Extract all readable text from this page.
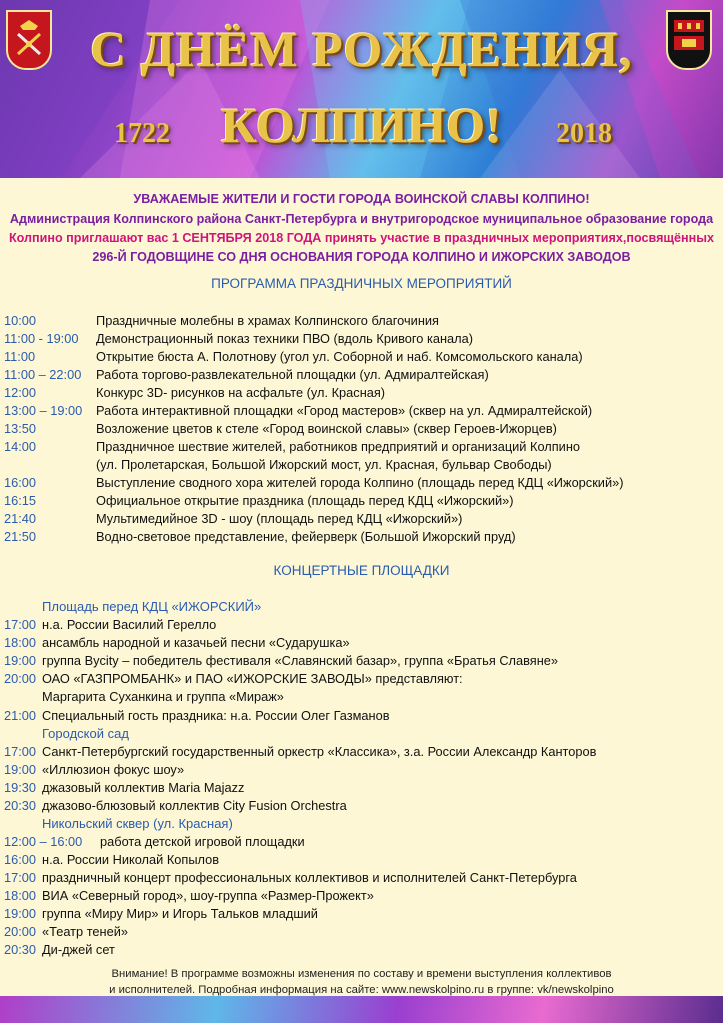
С ДНЁМ РОЖДЕНИЯ,
КОЛПИНО!
1722	2018
УВАЖАЕМЫЕ ЖИТЕЛИ И ГОСТИ ГОРОДА ВОИНСКОЙ СЛАВЫ КОЛПИНО!
Администрация Колпинского района Санкт-Петербурга и внутригородское муниципальное образование города
Колпино приглашают вас 1 СЕНТЯБРЯ 2018 ГОДА принять участие в праздничных мероприятиях,посвящённых
296-Й ГОДОВЩИНЕ СО ДНЯ ОСНОВАНИЯ ГОРОДА КОЛПИНО И ИЖОРСКИХ ЗАВОДОВ
ПРОГРАММА ПРАЗДНИЧНЫХ МЕРОПРИЯТИЙ
10:00	Праздничные молебны в храмах Колпинского благочиния
11:00 - 19:00 Демонстрационный показ техники ПВО (вдоль Кривого канала)
11:00	Открытие бюста А. Полотнову (угол ул. Соборной и наб. Комсомольского канала)
11:00 – 22:00 Работа торгово-развлекательной площадки (ул. Адмиралтейская)
12:00	Конкурс 3D- рисунков на асфальте (ул. Красная)
13:00 – 19:00 Работа интерактивной площадки «Город мастеров» (сквер на ул. Адмиралтейской)
13:50	Возложение цветов к стеле «Город воинской славы» (сквер Героев-Ижорцев)
14:00	Праздничное шествие жителей, работников предприятий и организаций Колпино
(ул. Пролетарская, Большой Ижорский мост, ул. Красная, бульвар Свободы)
16:00	Выступление сводного хора жителей города Колпино (площадь перед КДЦ «Ижорский»)
16:15	Официальное открытие праздника (площадь перед КДЦ «Ижорский»)
21:40	Мультимедийное 3D - шоу (площадь перед КДЦ «Ижорский»)
21:50	Водно-световое представление, фейерверк (Большой Ижорский пруд)
КОНЦЕРТНЫЕ ПЛОЩАДКИ
Площадь перед КДЦ «ИЖОРСКИЙ»
17:00 н.а. России Василий Герелло
18:00 ансамбль народной и казачьей песни «Сударушка»
19:00 группа Bycity – победитель фестиваля «Славянский базар», группа «Братья Славяне»
20:00 ОАО «ГАЗПРОМБАНК» и ПАО «ИЖОРСКИЕ ЗАВОДЫ» представляют:
Маргарита Суханкина и группа «Мираж»
21:00 Специальный гость праздника: н.а. России Олег Газманов
Городской сад
17:00 Санкт-Петербургский государственный оркестр «Классика», з.а. России Александр Канторов
19:00 «Иллюзион фокус шоу»
19:30 джазовый коллектив Maria Majazz
20:30 джазово-блюзовый коллектив City Fusion Orchestra
Никольский сквер (ул. Красная)
12:00 – 16:00 работа детской игровой площадки
16:00 н.а. России Николай Копылов
17:00 праздничный концерт профессиональных коллективов и исполнителей Санкт-Петербурга
18:00 ВИА «Северный город», шоу-группа «Размер-Прожект»
19:00 группа «Миру Мир» и Игорь Тальков младший
20:00 «Театр теней»
20:30 Ди-джей сет
Внимание! В программе возможны изменения по составу и времени выступления коллективов
и исполнителей. Подробная информация на сайте: www.newskolpino.ru в группе: vk/newskolpino
